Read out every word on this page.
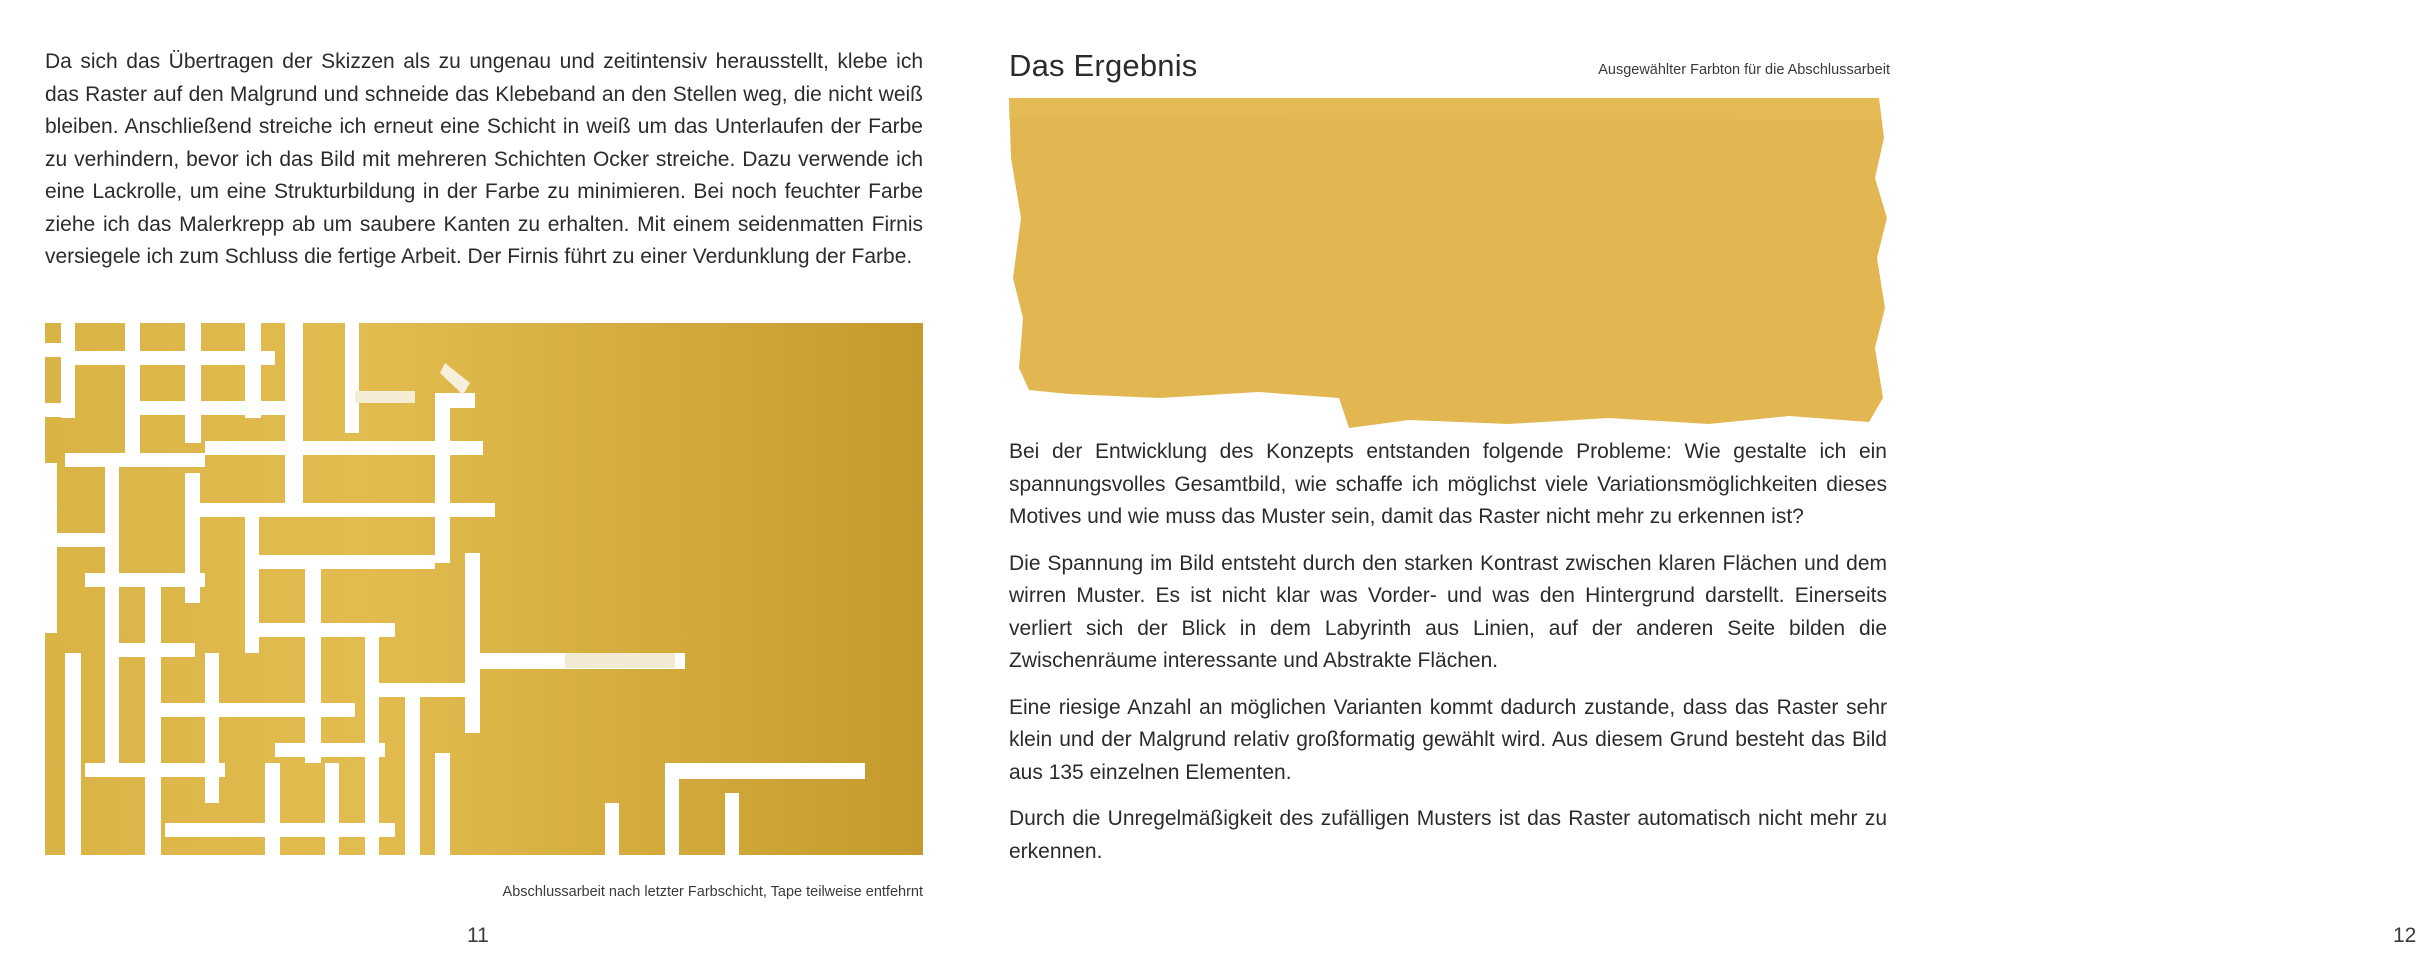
Da sich das Übertragen der Skizzen als zu ungenau und zeitintensiv herausstellt, klebe ich das Raster auf den Malgrund und schneide das Klebeband an den Stellen weg, die nicht weiß bleiben. Anschließend streiche ich erneut eine Schicht in weiß um das Unterlaufen der Farbe zu verhindern, bevor ich das Bild mit mehreren Schichten Ocker streiche. Dazu verwende ich eine Lackrolle, um eine Strukturbildung in der Farbe zu minimieren. Bei noch feuchter Farbe ziehe ich das Malerkrepp ab um saubere Kanten zu erhalten. Mit einem seidenmatten Firnis versiegele ich zum Schluss die fertige Arbeit. Der Firnis führt zu einer Verdunklung der Farbe.
Abschlussarbeit nach letzter Farbschicht, Tape teilweise entfehrnt
11
Das Ergebnis	Ausgewählter Farbton für die Abschlussarbeit

Bei der Entwicklung des Konzepts entstanden folgende Probleme: Wie gestalte ich ein spannungsvolles Gesamtbild, wie schaffe ich möglichst viele Variationsmöglichkeiten dieses Motives und wie muss das Muster sein, damit das Raster nicht mehr zu erkennen ist?

Die Spannung im Bild entsteht durch den starken Kontrast zwischen klaren Flächen und dem wirren Muster. Es ist nicht klar was Vorder- und was den Hintergrund darstellt. Einerseits verliert sich der Blick in dem Labyrinth aus Linien, auf der anderen Seite bilden die Zwischenräume interessante und Abstrakte Flächen.

Eine riesige Anzahl an möglichen Varianten kommt dadurch zustande, dass das Raster sehr klein und der Malgrund relativ großformatig gewählt wird. Aus diesem Grund besteht das Bild aus 135 einzelnen Elementen.

Durch die Unregelmäßigkeit des zufälligen Musters ist das Raster automatisch nicht mehr zu erkennen.

12
